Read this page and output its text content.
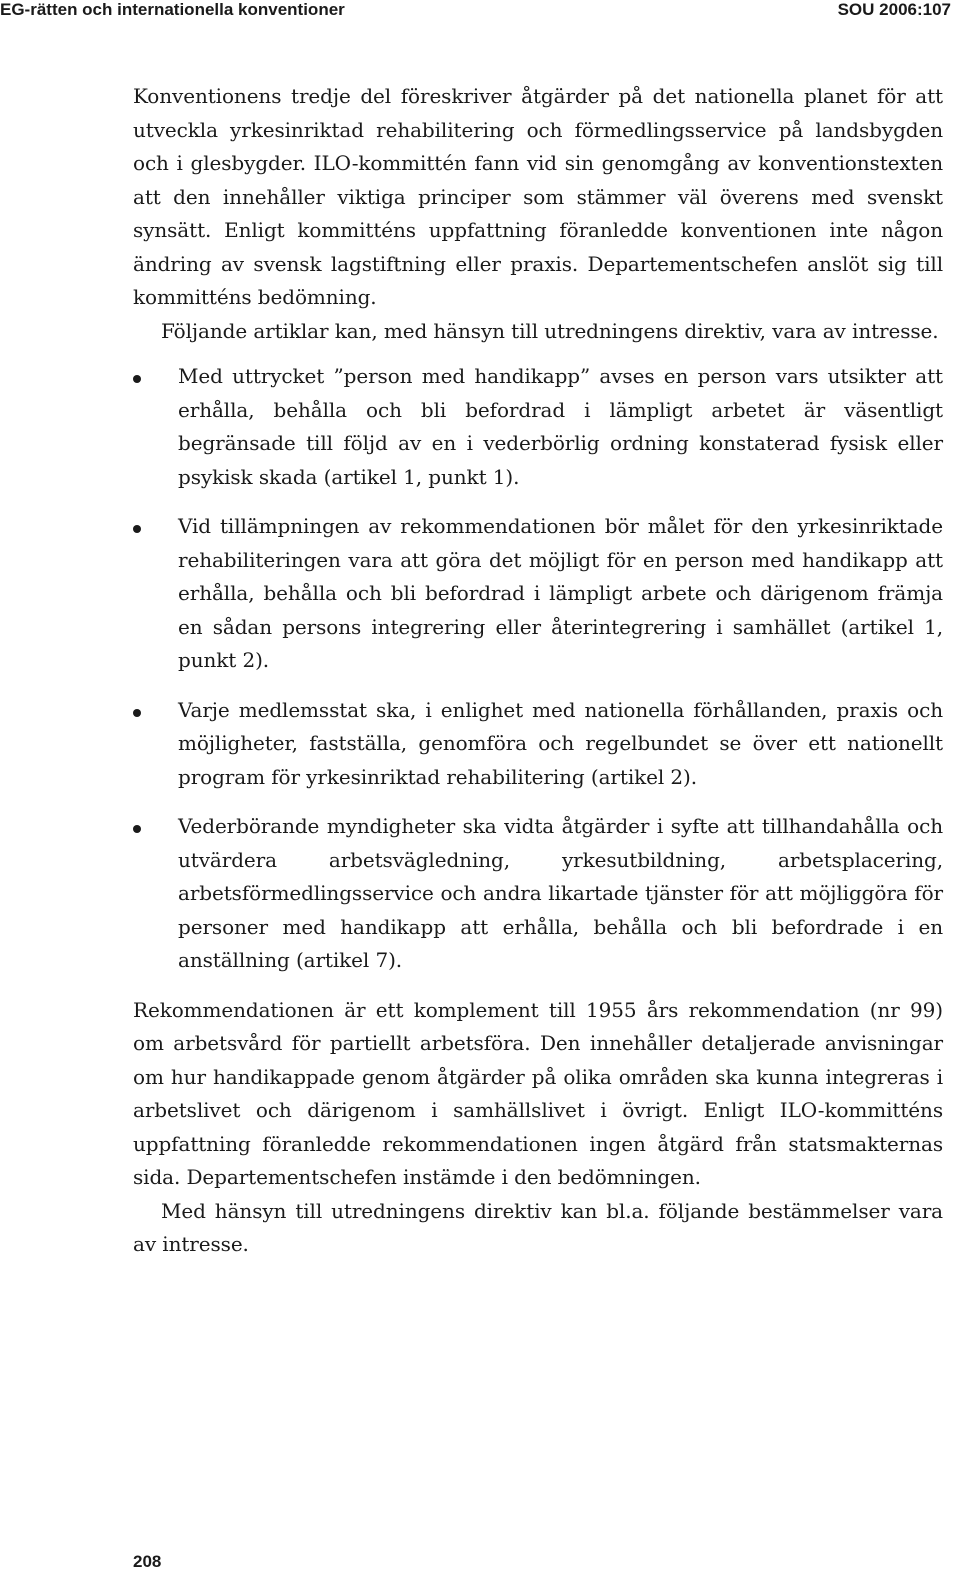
EG-rätten och internationella konventioner	SOU 2006:107

Konventionens tredje del föreskriver åtgärder på det nationella planet för att utveckla yrkesinriktad rehabilitering och förmedlingsservice på landsbygden och i glesbygder. ILO-kommittén fann vid sin genomgång av konventionstexten att den innehåller viktiga principer som stämmer väl överens med svenskt synsätt. Enligt kommitténs uppfattning föranledde konventionen inte någon ändring av svensk lagstiftning eller praxis. Departementschefen anslöt sig till kommitténs bedömning.

Följande artiklar kan, med hänsyn till utredningens direktiv, vara av intresse.

Med uttrycket ”person med handikapp” avses en person vars utsikter att erhålla, behålla och bli befordrad i lämpligt arbetet är väsentligt begränsade till följd av en i vederbörlig ordning konstaterad fysisk eller psykisk skada (artikel 1, punkt 1).
Vid tillämpningen av rekommendationen bör målet för den yrkesinriktade rehabiliteringen vara att göra det möjligt för en person med handikapp att erhålla, behålla och bli befordrad i lämpligt arbete och därigenom främja en sådan persons integrering eller återintegrering i samhället (artikel 1, punkt 2).
Varje medlemsstat ska, i enlighet med nationella förhållanden, praxis och möjligheter, fastställa, genomföra och regelbundet se över ett nationellt program för yrkesinriktad rehabilitering (artikel 2).
Vederbörande myndigheter ska vidta åtgärder i syfte att tillhandahålla och utvärdera arbetsvägledning, yrkesutbildning, arbetsplacering, arbetsförmedlingsservice och andra likartade tjänster för att möjliggöra för personer med handikapp att erhålla, behålla och bli befordrade i en anställning (artikel 7).

Rekommendationen är ett komplement till 1955 års rekommendation (nr 99) om arbetsvård för partiellt arbetsföra. Den innehåller detaljerade anvisningar om hur handikappade genom åtgärder på olika områden ska kunna integreras i arbetslivet och därigenom i samhällslivet i övrigt. Enligt ILO-kommitténs uppfattning föranledde rekommendationen ingen åtgärd från statsmakternas sida. Departementschefen instämde i den bedömningen.

Med hänsyn till utredningens direktiv kan bl.a. följande bestämmelser vara av intresse.

208
